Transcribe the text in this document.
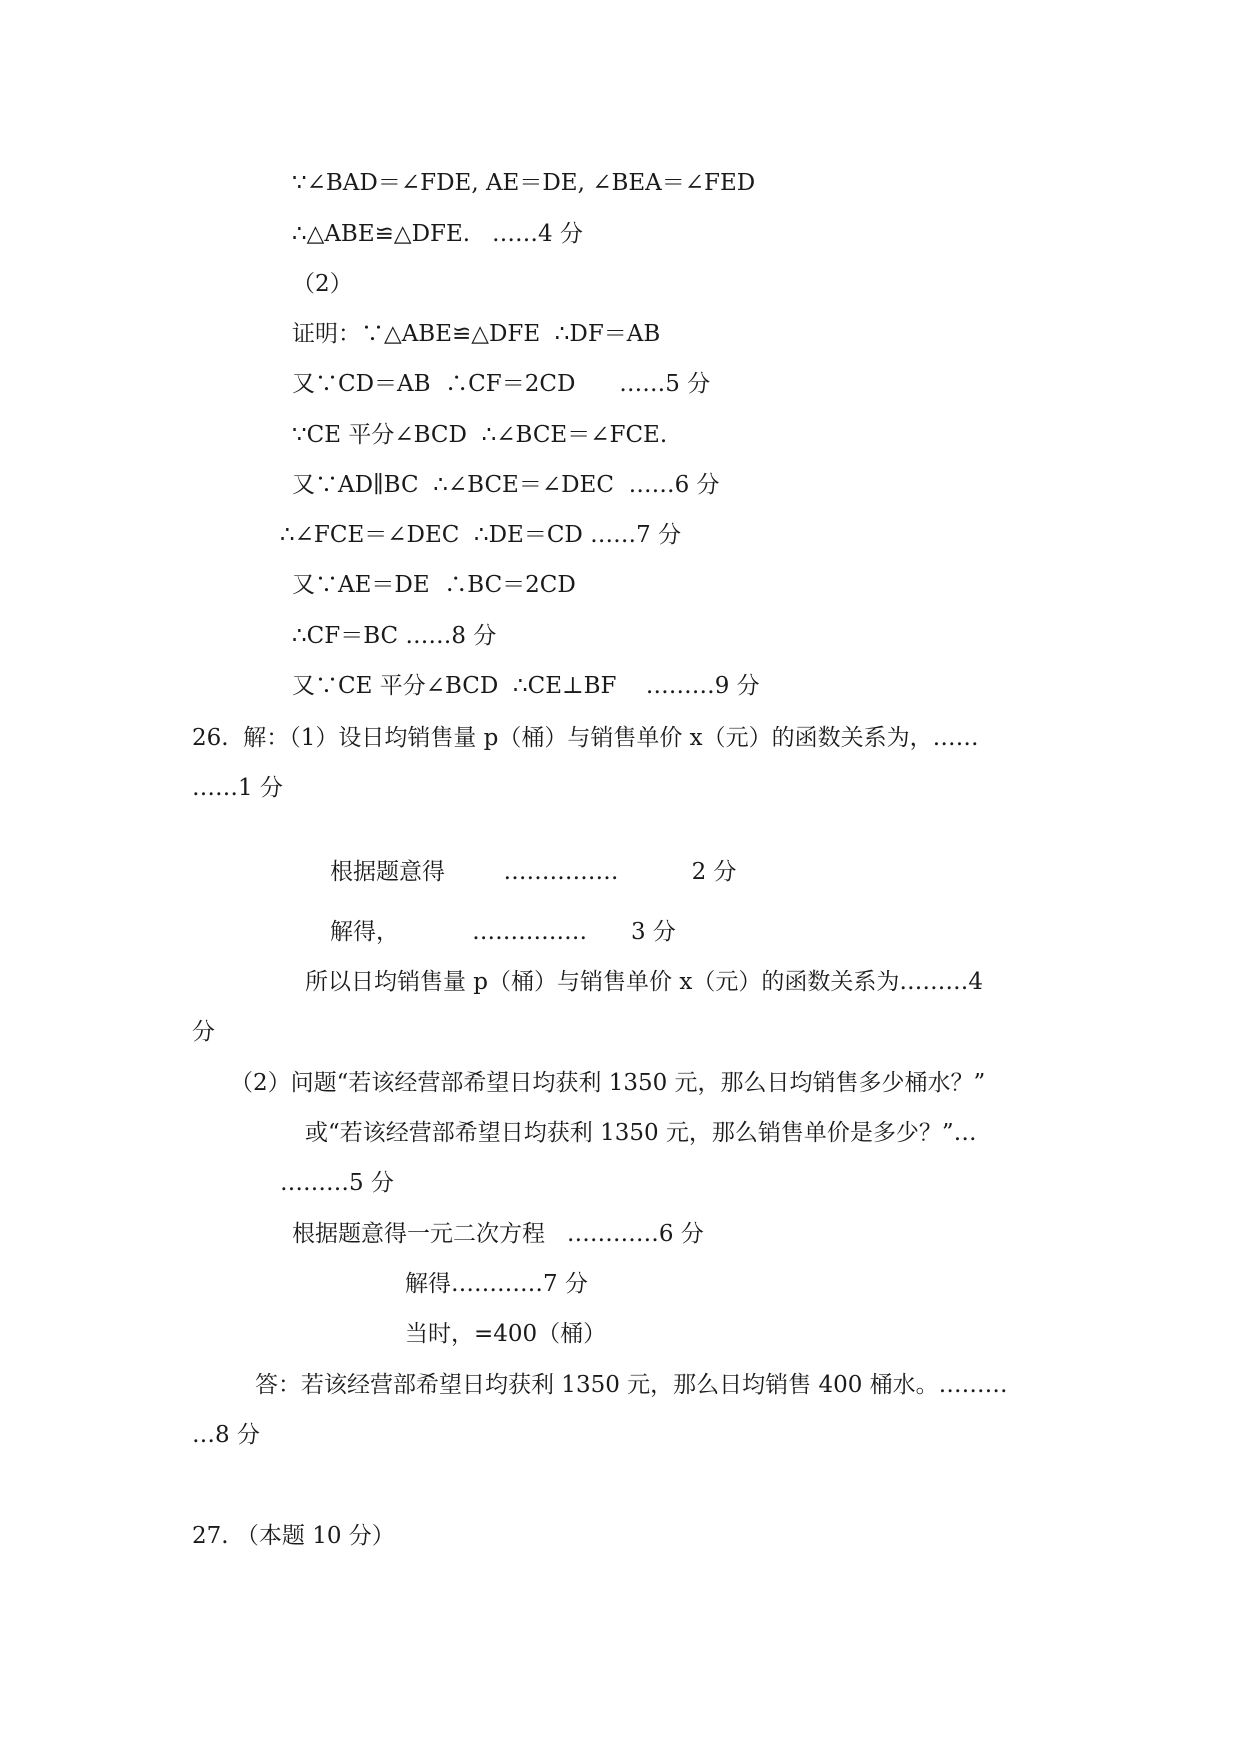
∵∠BAD＝∠FDE, AE＝DE, ∠BEA＝∠FED
∴△ABE≌△DFE.   ……4 分
（2）
证明：∵△ABE≌△DFE  ∴DF＝AB
又∵CD＝AB  ∴CF＝2CD      ……5 分
∵CE 平分∠BCD  ∴∠BCE＝∠FCE.
又∵AD∥BC  ∴∠BCE＝∠DEC  ……6 分
∴∠FCE＝∠DEC  ∴DE＝CD ……7 分
又∵AE＝DE  ∴BC＝2CD
∴CF＝BC ……8 分
又∵CE 平分∠BCD  ∴CE⊥BF    ………9 分
26.  解：（1）设日均销售量 p（桶）与销售单价 x（元）的函数关系为，……
……1 分
根据题意得        ……………          2 分
解得，          ……………      3 分
所以日均销售量 p（桶）与销售单价 x（元）的函数关系为………4
分
（2）问题“若该经营部希望日均获利 1350 元，那么日均销售多少桶水？”
或“若该经营部希望日均获利 1350 元，那么销售单价是多少？”…
………5 分
根据题意得一元二次方程   …………6 分
解得…………7 分
当时，=400（桶）
答：若该经营部希望日均获利 1350 元，那么日均销售 400 桶水。………
…8 分
27. （本题 10 分）
